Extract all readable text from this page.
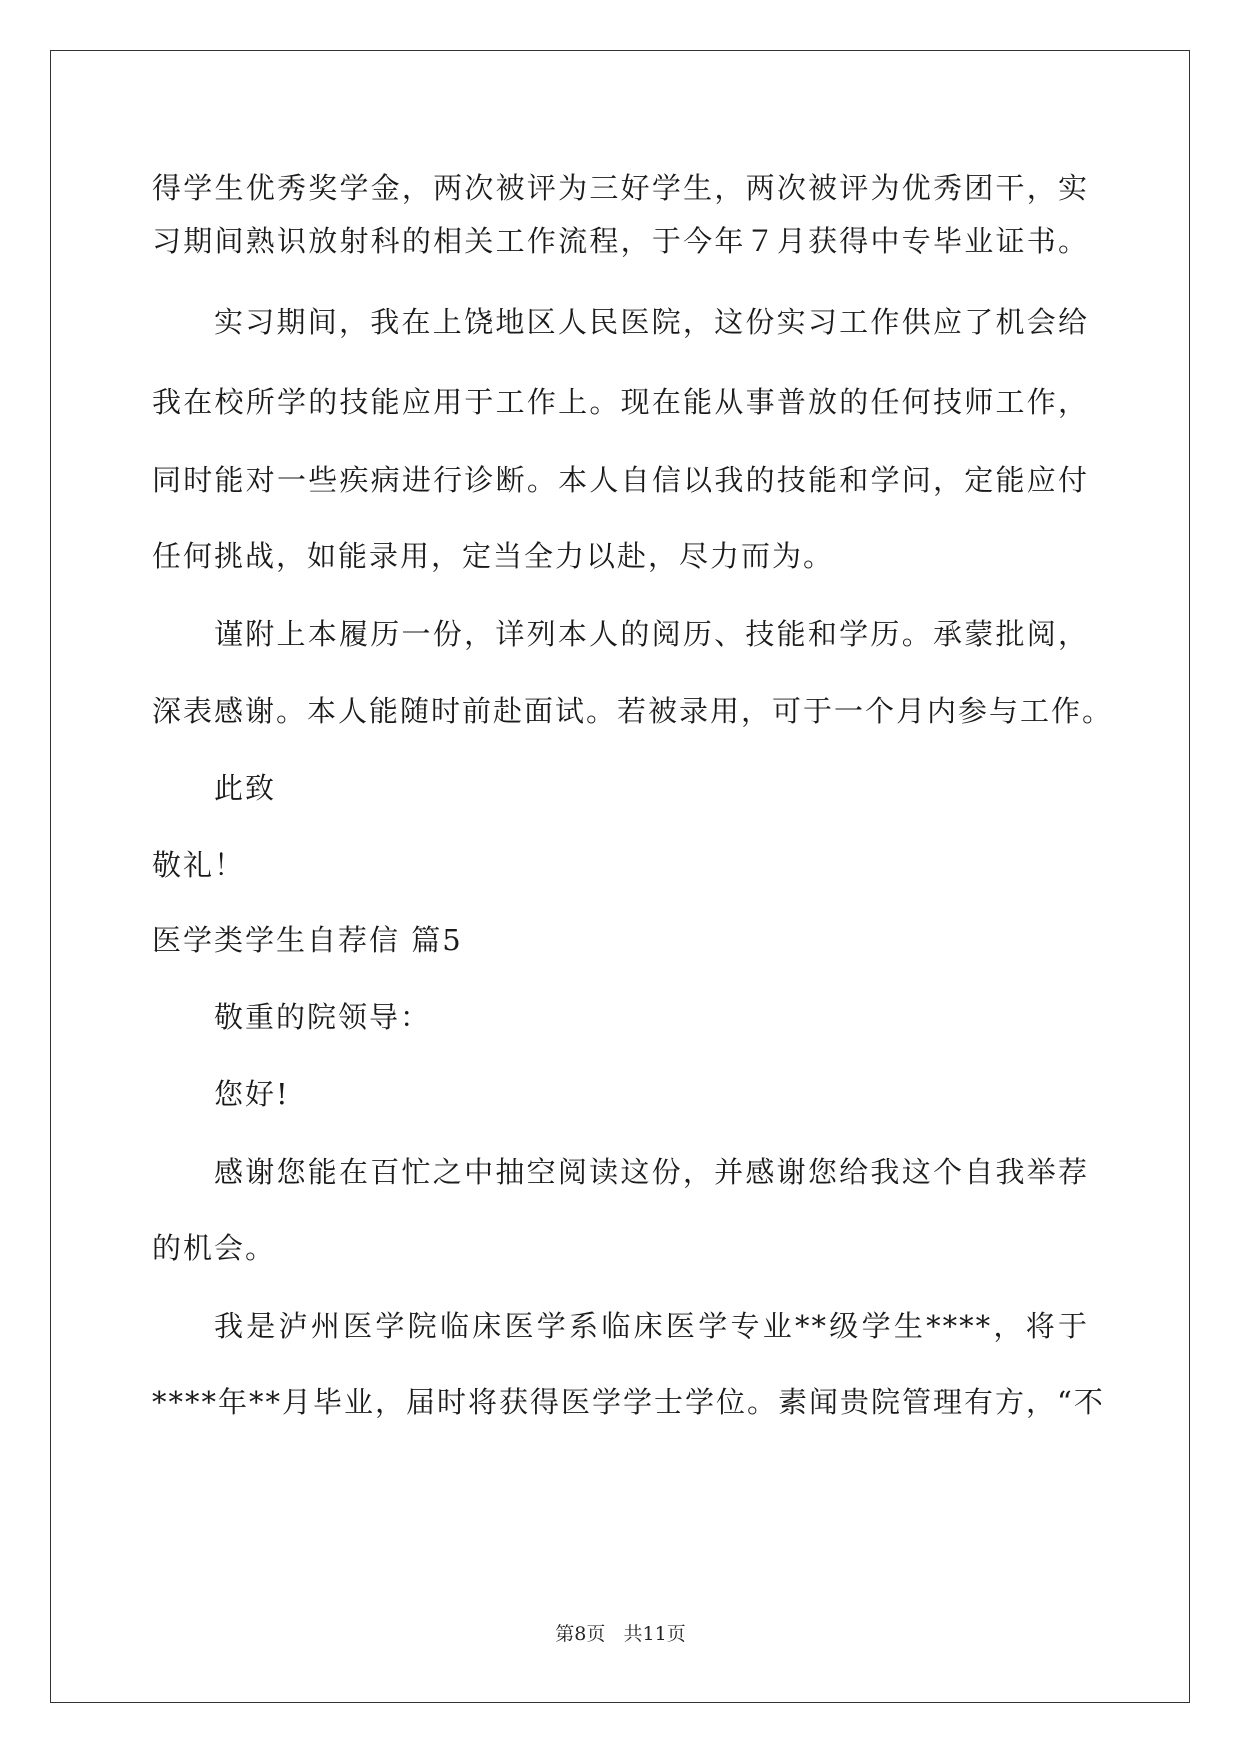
得学生优秀奖学金，两次被评为三好学生，两次被评为优秀团干，实
习期间熟识放射科的相关工作流程，于今年７月获得中专毕业证书。
实习期间，我在上饶地区人民医院，这份实习工作供应了机会给
我在校所学的技能应用于工作上。现在能从事普放的任何技师工作，
同时能对一些疾病进行诊断。本人自信以我的技能和学问，定能应付
任何挑战，如能录用，定当全力以赴，尽力而为。
谨附上本履历一份，详列本人的阅历、技能和学历。承蒙批阅，
深表感谢。本人能随时前赴面试。若被录用，可于一个月内参与工作。
此致
敬礼！
医学类学生自荐信 篇5
敬重的院领导：
您好!
感谢您能在百忙之中抽空阅读这份，并感谢您给我这个自我举荐
的机会。
我是泸州医学院临床医学系临床医学专业**级学生****，将于
****年**月毕业，届时将获得医学学士学位。素闻贵院管理有方，“不
第8页 共11页
